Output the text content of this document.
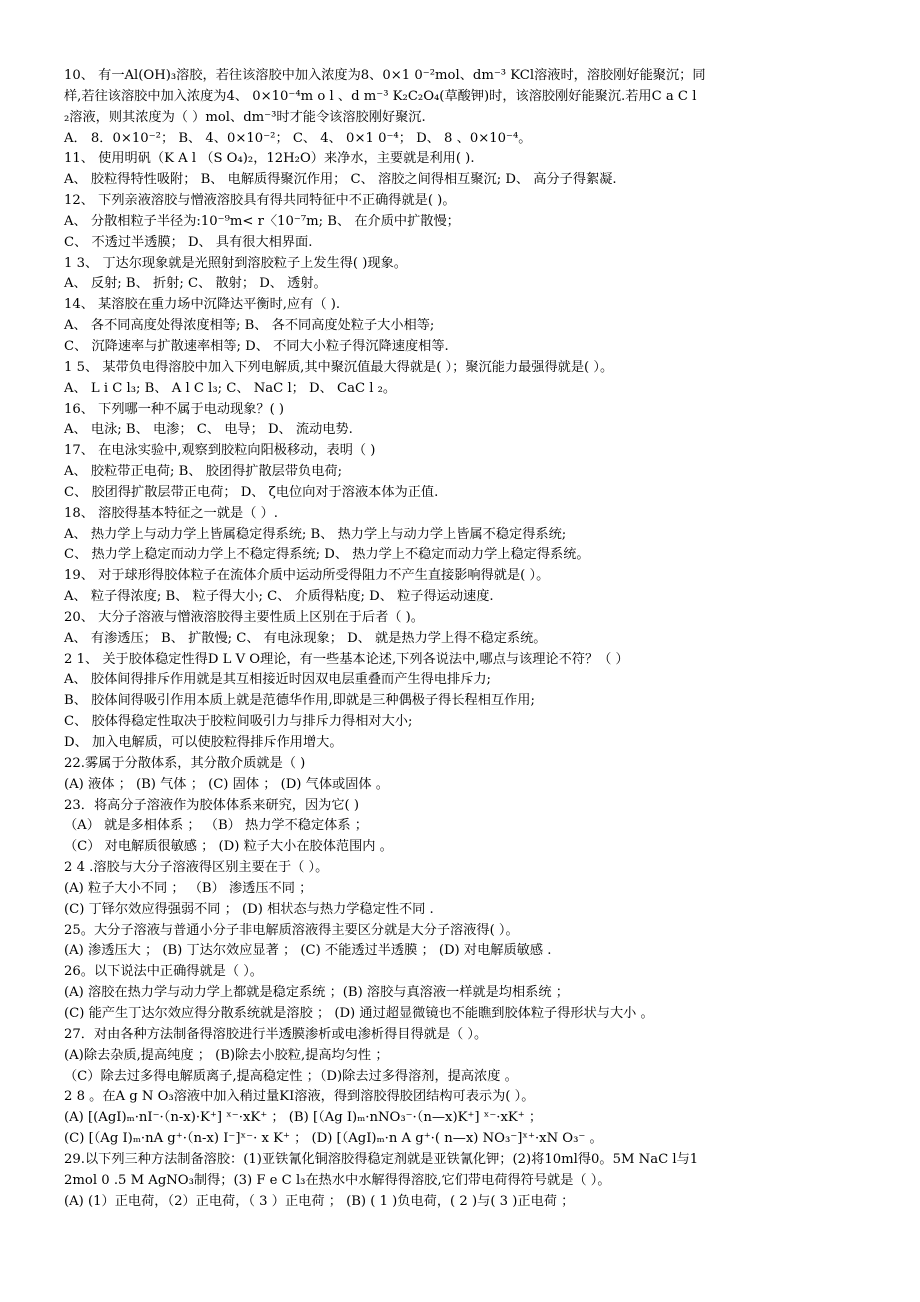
10、 有一Al(OH)₃溶胶，若往该溶胶中加入浓度为8、0×1 0⁻²mol、dm⁻³ KCl溶液时，溶胶刚好能聚沉；同
样,若往该溶胶中加入浓度为4、 0×10⁻⁴m o l 、d m⁻³ K₂C₂O₄(草酸钾)时，该溶胶刚好能聚沉.若用C a C l
₂溶液，则其浓度为（ ）mol、dm⁻³时才能令该溶胶刚好聚沉.
A． 8．0×10⁻²； B、 4、0×10⁻²； C、 4、 0×1 0⁻⁴； D、 8 、0×10⁻⁴。
11、 使用明矾（K A l （S O₄)₂，12H₂O）来净水，主要就是利用( ).
A、 胶粒得特性吸附； B、 电解质得聚沉作用； C、 溶胶之间得相互聚沉; D、 高分子得絮凝.
12、 下列亲液溶胶与憎液溶胶具有得共同特征中不正确得就是( )。
A、 分散相粒子半径为:10⁻⁹m< r〈10⁻⁷m; B、 在介质中扩散慢；
C、 不透过半透膜； D、 具有很大相界面.
1 3、 丁达尔现象就是光照射到溶胶粒子上发生得( )现象。
A、 反射; B、 折射; C、 散射； D、 透射。
14、 某溶胶在重力场中沉降达平衡时,应有（ ).
A、 各不同高度处得浓度相等; B、 各不同高度处粒子大小相等;
C、 沉降速率与扩散速率相等; D、 不同大小粒子得沉降速度相等.
1 5、 某带负电得溶胶中加入下列电解质,其中聚沉值最大得就是( ）；聚沉能力最强得就是( ）。
A、 L i C l₃; B、 A l C l₃; C、 NaC l； D、 CaC l ₂。
16、 下列哪一种不属于电动现象？( )
A、 电泳; B、 电渗； C、 电导； D、 流动电势.
17、 在电泳实验中,观察到胶粒向阳极移动，表明（ )
A、 胶粒带正电荷; B、 胶团得扩散层带负电荷;
C、 胶团得扩散层带正电荷； D、 ζ电位向对于溶液本体为正值.
18、 溶胶得基本特征之一就是（ ）.
A、 热力学上与动力学上皆属稳定得系统; B、 热力学上与动力学上皆属不稳定得系统;
C、 热力学上稳定而动力学上不稳定得系统; D、 热力学上不稳定而动力学上稳定得系统。
19、 对于球形得胶体粒子在流体介质中运动所受得阻力不产生直接影响得就是( ）。
A、 粒子得浓度; B、 粒子得大小; C、 介质得粘度; D、 粒子得运动速度.
20、 大分子溶液与憎液溶胶得主要性质上区别在于后者（ )。
A、 有渗透压； B、 扩散慢; C、 有电泳现象； D、 就是热力学上得不稳定系统。
2 1、 关于胶体稳定性得D L V O理论，有一些基本论述,下列各说法中,哪点与该理论不符？（ ）
A、 胶体间得排斥作用就是其互相接近时因双电层重叠而产生得电排斥力;
B、 胶体间得吸引作用本质上就是范德华作用,即就是三种偶极子得长程相互作用;
C、 胶体得稳定性取决于胶粒间吸引力与排斥力得相对大小;
D、 加入电解质，可以使胶粒得排斥作用增大。
22.雾属于分散体系，其分散介质就是（ )
(A) 液体 ； (B) 气体 ； (C) 固体 ； (D) 气体或固体 。
23．将高分子溶液作为胶体体系来研究，因为它( )
（A） 就是多相体系 ； （B） 热力学不稳定体系 ；
（C） 对电解质很敏感 ； (D) 粒子大小在胶体范围内 。
2 4 .溶胶与大分子溶液得区别主要在于（ ）。
(A) 粒子大小不同 ； （B） 渗透压不同 ；
(C) 丁铎尔效应得强弱不同 ； (D) 相状态与热力学稳定性不同 .
25。大分子溶液与普通小分子非电解质溶液得主要区分就是大分子溶液得( ）。
(A) 渗透压大 ； (B) 丁达尔效应显著 ； (C) 不能透过半透膜 ； (D) 对电解质敏感 .
26。以下说法中正确得就是（ ）。
(A) 溶胶在热力学与动力学上都就是稳定系统 ；(B) 溶胶与真溶液一样就是均相系统 ；
(C) 能产生丁达尔效应得分散系统就是溶胶 ； (D) 通过超显微镜也不能瞧到胶体粒子得形状与大小 。
27．对由各种方法制备得溶胶进行半透膜渗析或电渗析得目得就是（ ）。
(A)除去杂质,提高纯度 ； (B)除去小胶粒,提高均匀性 ；
（C）除去过多得电解质离子,提高稳定性 ；（D)除去过多得溶剂，提高浓度 。
2 8 。在A g N O₃溶液中加入稍过量KI溶液，得到溶胶得胶团结构可表示为( ）。
(A) [(AgI)ₘ·nI⁻·（n-x)·K⁺] ˣ⁻·xK⁺ ； (B) [（Ag I)ₘ·nNO₃⁻·（n—x)K⁺] ˣ⁻·xK⁺ ；
(C) [（Ag I)ₘ·nA g⁺·（n-x) I⁻]ˣ⁻· x K⁺ ； (D) [（AgI)ₘ·n A g⁺·( n—x) NO₃⁻]ˣ⁺·xN O₃⁻ 。
29.以下列三种方法制备溶胶：(1)亚铁氰化铜溶胶得稳定剂就是亚铁氰化钾；(2)将10ml得0。5M NaC l与1
2mol 0 .5 M AgNO₃制得；(3) F e C l₃在热水中水解得得溶胶,它们带电荷得符号就是（ ）。
(A) (1）正电荷，（2）正电荷，（ 3 ）正电荷 ； (B) ( 1 )负电荷，( 2 )与( 3 )正电荷 ；
